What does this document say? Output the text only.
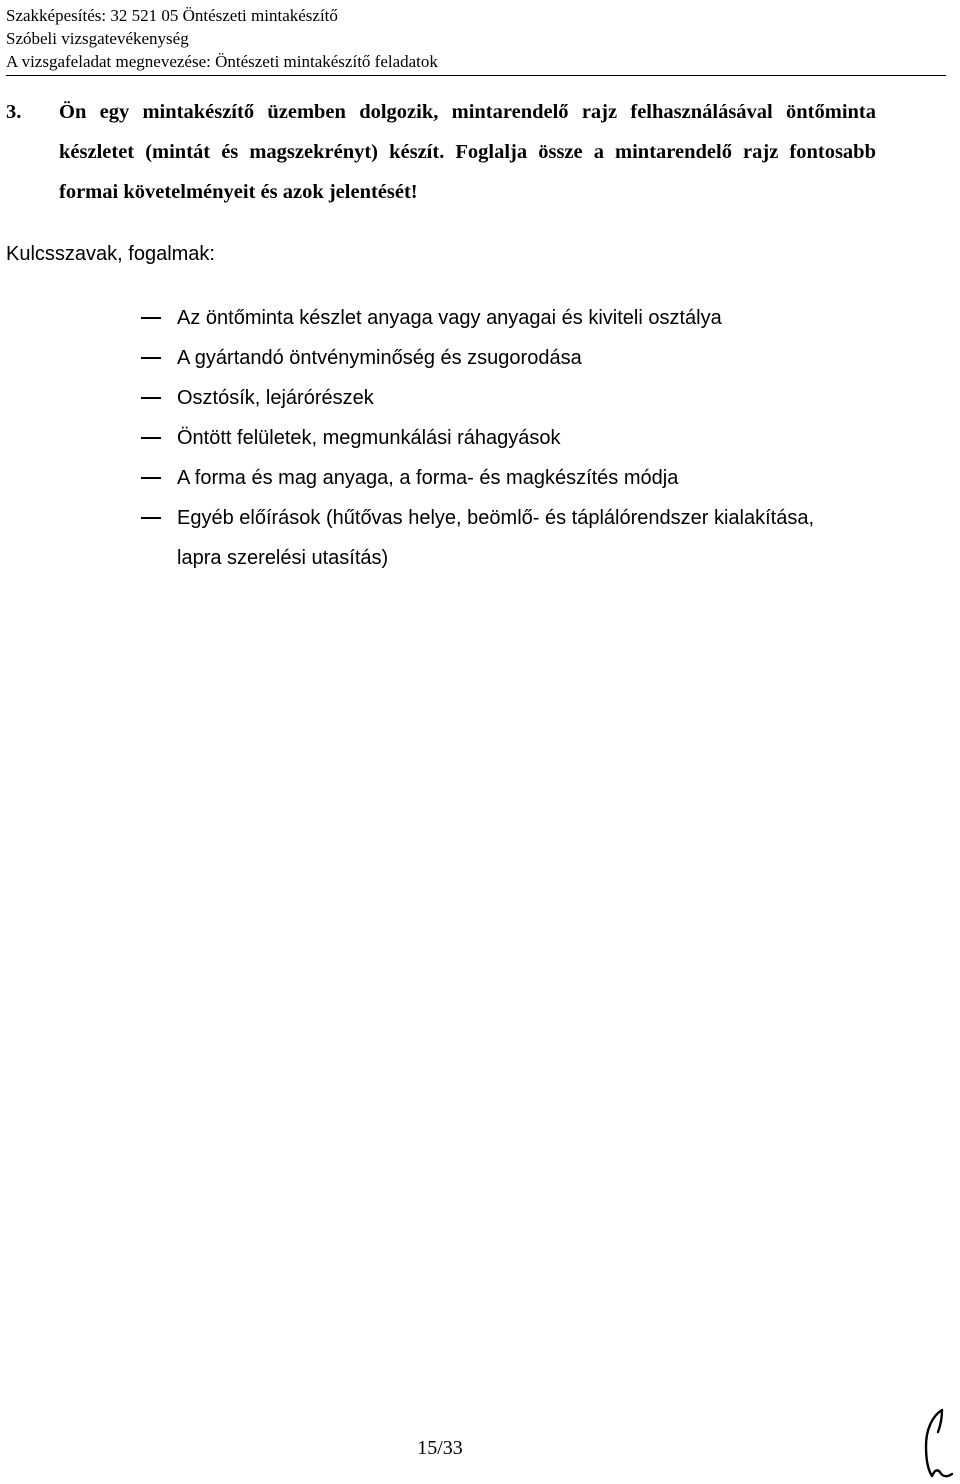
Szakképesítés: 32 521 05 Öntészeti mintakészítő
Szóbeli vizsgatevékenység
A vizsgafeladat megnevezése: Öntészeti mintakészítő feladatok
3. Ön egy mintakészítő üzemben dolgozik, mintarendelő rajz felhasználásával öntőminta készletet (mintát és magszekrényt) készít. Foglalja össze a mintarendelő rajz fontosabb formai követelményeit és azok jelentését!
Kulcsszavak, fogalmak:
Az öntőminta készlet anyaga vagy anyagai és kiviteli osztálya
A gyártandó öntvényminőség és zsugorodása
Osztósík, lejárórészek
Öntött felületek, megmunkálási ráhagyások
A forma és mag anyaga, a forma- és magkészítés módja
Egyéb előírások (hűtővas helye, beömlő- és táplálórendszer kialakítása, lapra szerelési utasítás)
15/33
